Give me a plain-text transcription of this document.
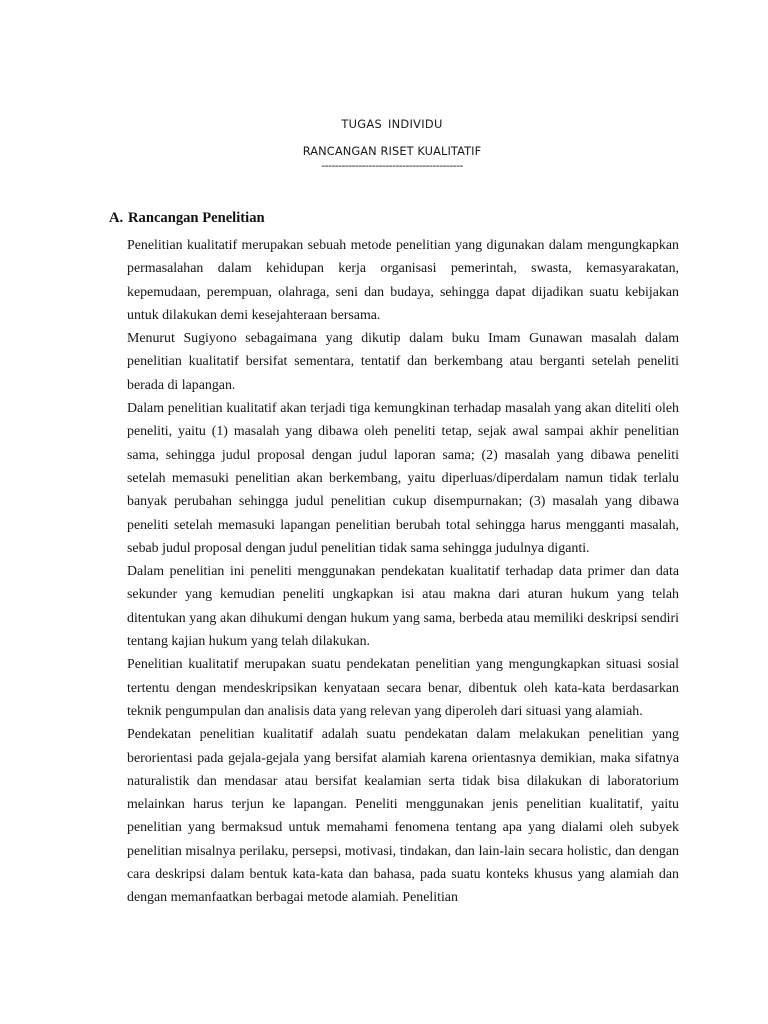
TUGAS INDIVIDU
RANCANGAN RISET KUALITATIF
------------------------------------------
A. Rancangan Penelitian

Penelitian kualitatif merupakan sebuah metode penelitian yang digunakan dalam mengungkapkan permasalahan dalam kehidupan kerja organisasi pemerintah, swasta, kemasyarakatan, kepemudaan, perempuan, olahraga, seni dan budaya, sehingga dapat dijadikan suatu kebijakan untuk dilakukan demi kesejahteraan bersama.

Menurut Sugiyono sebagaimana yang dikutip dalam buku Imam Gunawan masalah dalam penelitian kualitatif bersifat sementara, tentatif dan berkembang atau berganti setelah peneliti berada di lapangan.

Dalam penelitian kualitatif akan terjadi tiga kemungkinan terhadap masalah yang akan diteliti oleh peneliti, yaitu (1) masalah yang dibawa oleh peneliti tetap, sejak awal sampai akhir penelitian sama, sehingga judul proposal dengan judul laporan sama; (2) masalah yang dibawa peneliti setelah memasuki penelitian akan berkembang, yaitu diperluas/diperdalam namun tidak terlalu banyak perubahan sehingga judul penelitian cukup disempurnakan; (3) masalah yang dibawa peneliti setelah memasuki lapangan penelitian berubah total sehingga harus mengganti masalah, sebab judul proposal dengan judul penelitian tidak sama sehingga judulnya diganti.

Dalam penelitian ini peneliti menggunakan pendekatan kualitatif terhadap data primer dan data sekunder yang kemudian peneliti ungkapkan isi atau makna dari aturan hukum yang telah ditentukan yang akan dihukumi dengan hukum yang sama, berbeda atau memiliki deskripsi sendiri tentang kajian hukum yang telah dilakukan.

Penelitian kualitatif merupakan suatu pendekatan penelitian yang mengungkapkan situasi sosial tertentu dengan mendeskripsikan kenyataan secara benar, dibentuk oleh kata-kata berdasarkan teknik pengumpulan dan analisis data yang relevan yang diperoleh dari situasi yang alamiah.

Pendekatan penelitian kualitatif adalah suatu pendekatan dalam melakukan penelitian yang berorientasi pada gejala-gejala yang bersifat alamiah karena orientasnya demikian, maka sifatnya naturalistik dan mendasar atau bersifat kealamian serta tidak bisa dilakukan di laboratorium melainkan harus terjun ke lapangan. Peneliti menggunakan jenis penelitian kualitatif, yaitu penelitian yang bermaksud untuk memahami fenomena tentang apa yang dialami oleh subyek penelitian misalnya perilaku, persepsi, motivasi, tindakan, dan lain-lain secara holistic, dan dengan cara deskripsi dalam bentuk kata-kata dan bahasa, pada suatu konteks khusus yang alamiah dan dengan memanfaatkan berbagai metode alamiah. Penelitian
